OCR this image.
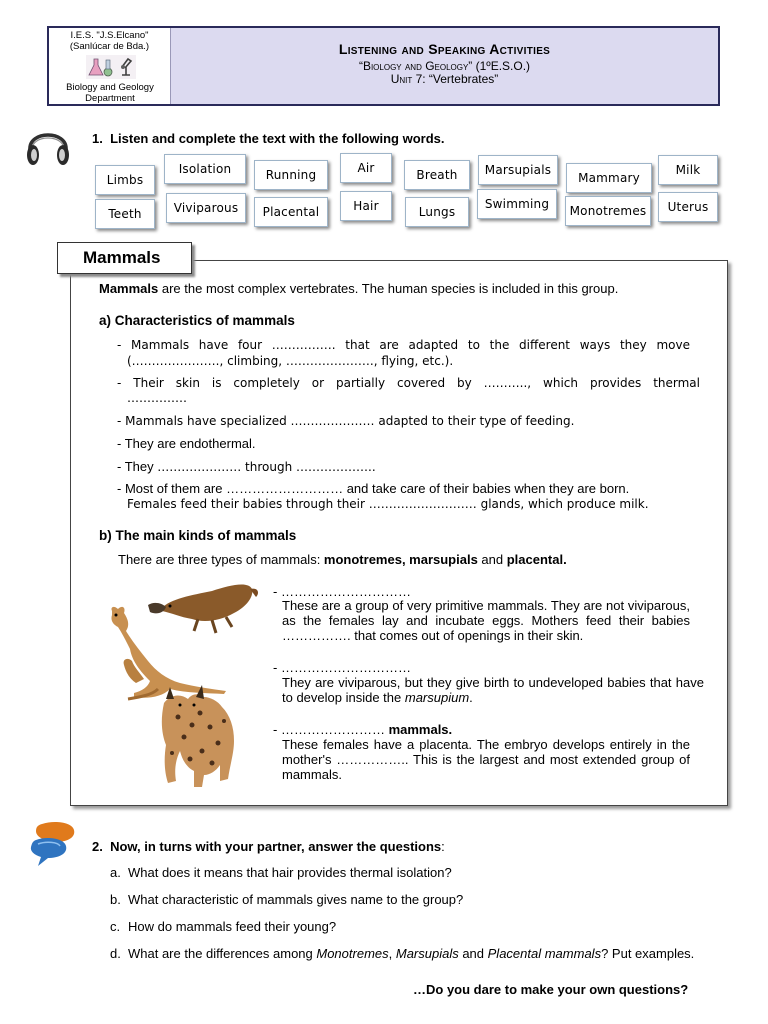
I.E.S. "J.S.Elcano"
(Sanlúcar de Bda.)
Biology and Geology
Department
Listening and Speaking Activities
“Biology and Geology” (1ºE.S.O.)
Unit 7: “Vertebrates”
1. Listen and complete the text with the following words.
Limbs
Teeth
Isolation
Viviparous
Running
Placental
Air
Hair
Breath
Lungs
Marsupials
Swimming
Mammary
Monotremes
Milk
Uterus
Mammals
Mammals are the most complex vertebrates. The human species is included in this group.
a) Characteristics of mammals
- Mammals have four ……………. that are adapted to the different ways they move
(…………………., climbing, …………………., flying, etc.).
- Their skin is completely or partially covered by ……….., which provides thermal
……………
- Mammals have specialized ………………… adapted to their type of feeding.
- They are endothermal.
- They ………………… through ………………..
- Most of them are ……………………… and take care of their babies when they are born.
Females feed their babies through their ……………………… glands, which produce milk.
b) The main kinds of mammals
There are three types of mammals: monotremes, marsupials and placental.
- …………………………
These are a group of very primitive mammals. They are not viviparous, as the females lay and incubate eggs. Mothers feed their babies ……………. that comes out of openings in their skin.
- …………………………
They are viviparous, but they give birth to undeveloped babies that have to develop inside the marsupium.
- …………………… mammals.
These females have a placenta. The embryo develops entirely in the mother's …………….. This is the largest and most extended group of mammals.
2. Now, in turns with your partner, answer the questions:
a. What does it means that hair provides thermal isolation?
b. What characteristic of mammals gives name to the group?
c. How do mammals feed their young?
d. What are the differences among Monotremes, Marsupials and Placental mammals? Put examples.
…Do you dare to make your own questions?
